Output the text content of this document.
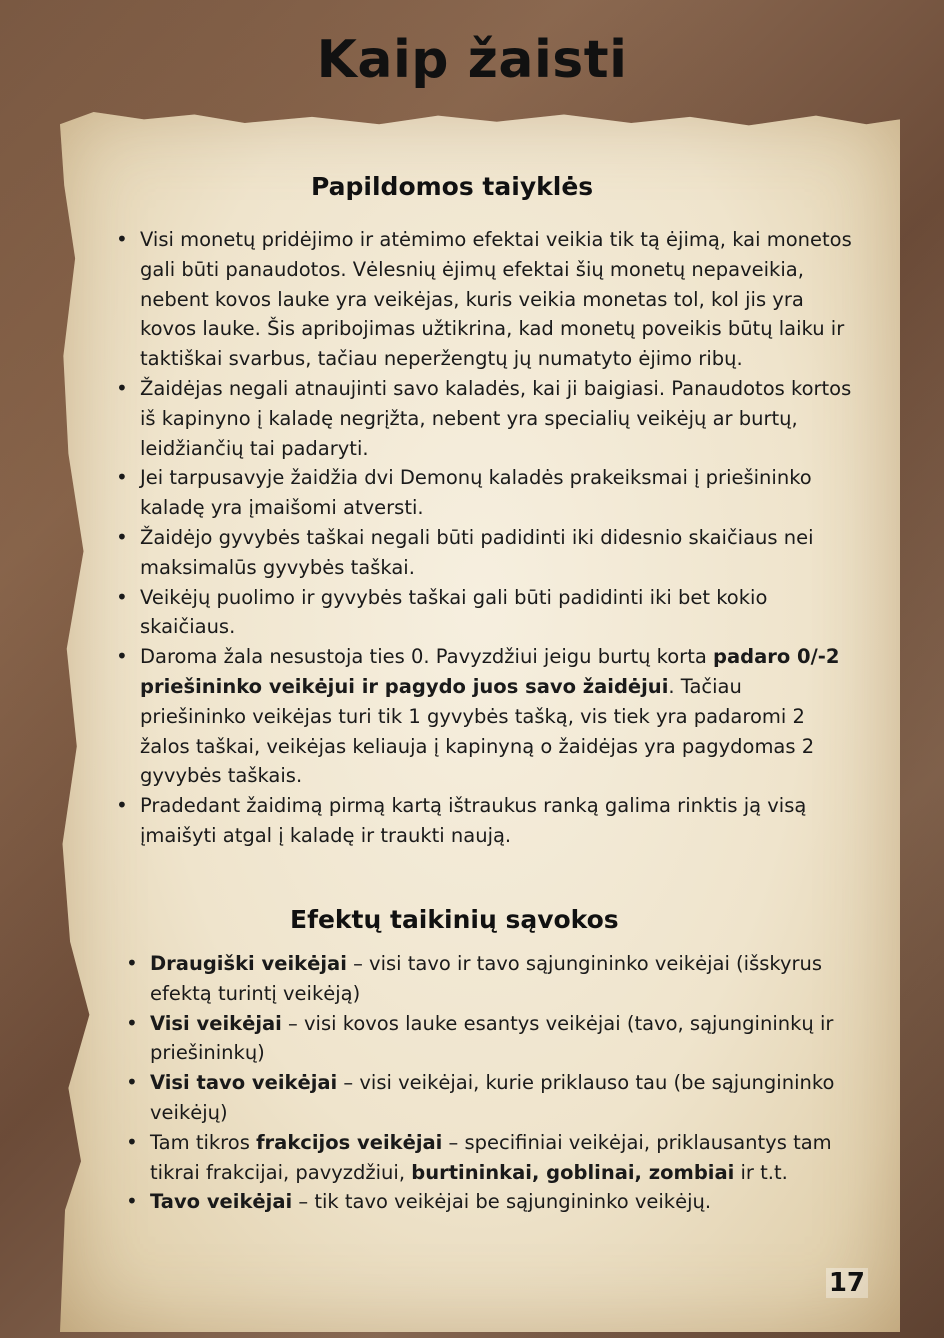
Kaip žaisti
Papildomos taiyklės
• Visi monetų pridėjimo ir atėmimo efektai veikia tik tą ėjimą, kai monetos gali būti panaudotos. Vėlesnių ėjimų efektai šių monetų nepaveikia, nebent kovos lauke yra veikėjas, kuris veikia monetas tol, kol jis yra kovos lauke. Šis apribojimas užtikrina, kad monetų poveikis būtų laiku ir taktiškai svarbus, tačiau neperžengtų jų numatyto ėjimo ribų.
• Žaidėjas negali atnaujinti savo kaladės, kai ji baigiasi. Panaudotos kortos iš kapinyno į kaladę negrįžta, nebent yra specialių veikėjų ar burtų, leidžiančių tai padaryti.
• Jei tarpusavyje žaidžia dvi Demonų kaladės prakeiksmai į priešininko kaladę yra įmaišomi atversti.
• Žaidėjo gyvybės taškai negali būti padidinti iki didesnio skaičiaus nei maksimalūs gyvybės taškai.
• Veikėjų puolimo ir gyvybės taškai gali būti padidinti iki bet kokio skaičiaus.
• Daroma žala nesustoja ties 0. Pavyzdžiui jeigu burtų korta padaro 0/-2 priešininko veikėjui ir pagydo juos savo žaidėjui. Tačiau priešininko veikėjas turi tik 1 gyvybės tašką, vis tiek yra padaromi 2 žalos taškai, veikėjas keliauja į kapinyną o žaidėjas yra pagydomas 2 gyvybės taškais.
• Pradedant žaidimą pirmą kartą ištraukus ranką galima rinktis ją visą įmaišyti atgal į kaladę ir traukti naują.
Efektų taikinių sąvokos
• Draugiški veikėjai – visi tavo ir tavo sąjungininko veikėjai (išskyrus efektą turintį veikėją)
• Visi veikėjai – visi kovos lauke esantys veikėjai (tavo, sąjungininkų ir priešininkų)
• Visi tavo veikėjai – visi veikėjai, kurie priklauso tau (be sąjungininko veikėjų)
• Tam tikros frakcijos veikėjai – specifiniai veikėjai, priklausantys tam tikrai frakcijai, pavyzdžiui, burtininkai, goblinai, zombiai ir t.t.
• Tavo veikėjai – tik tavo veikėjai be sąjungininko veikėjų.
17
